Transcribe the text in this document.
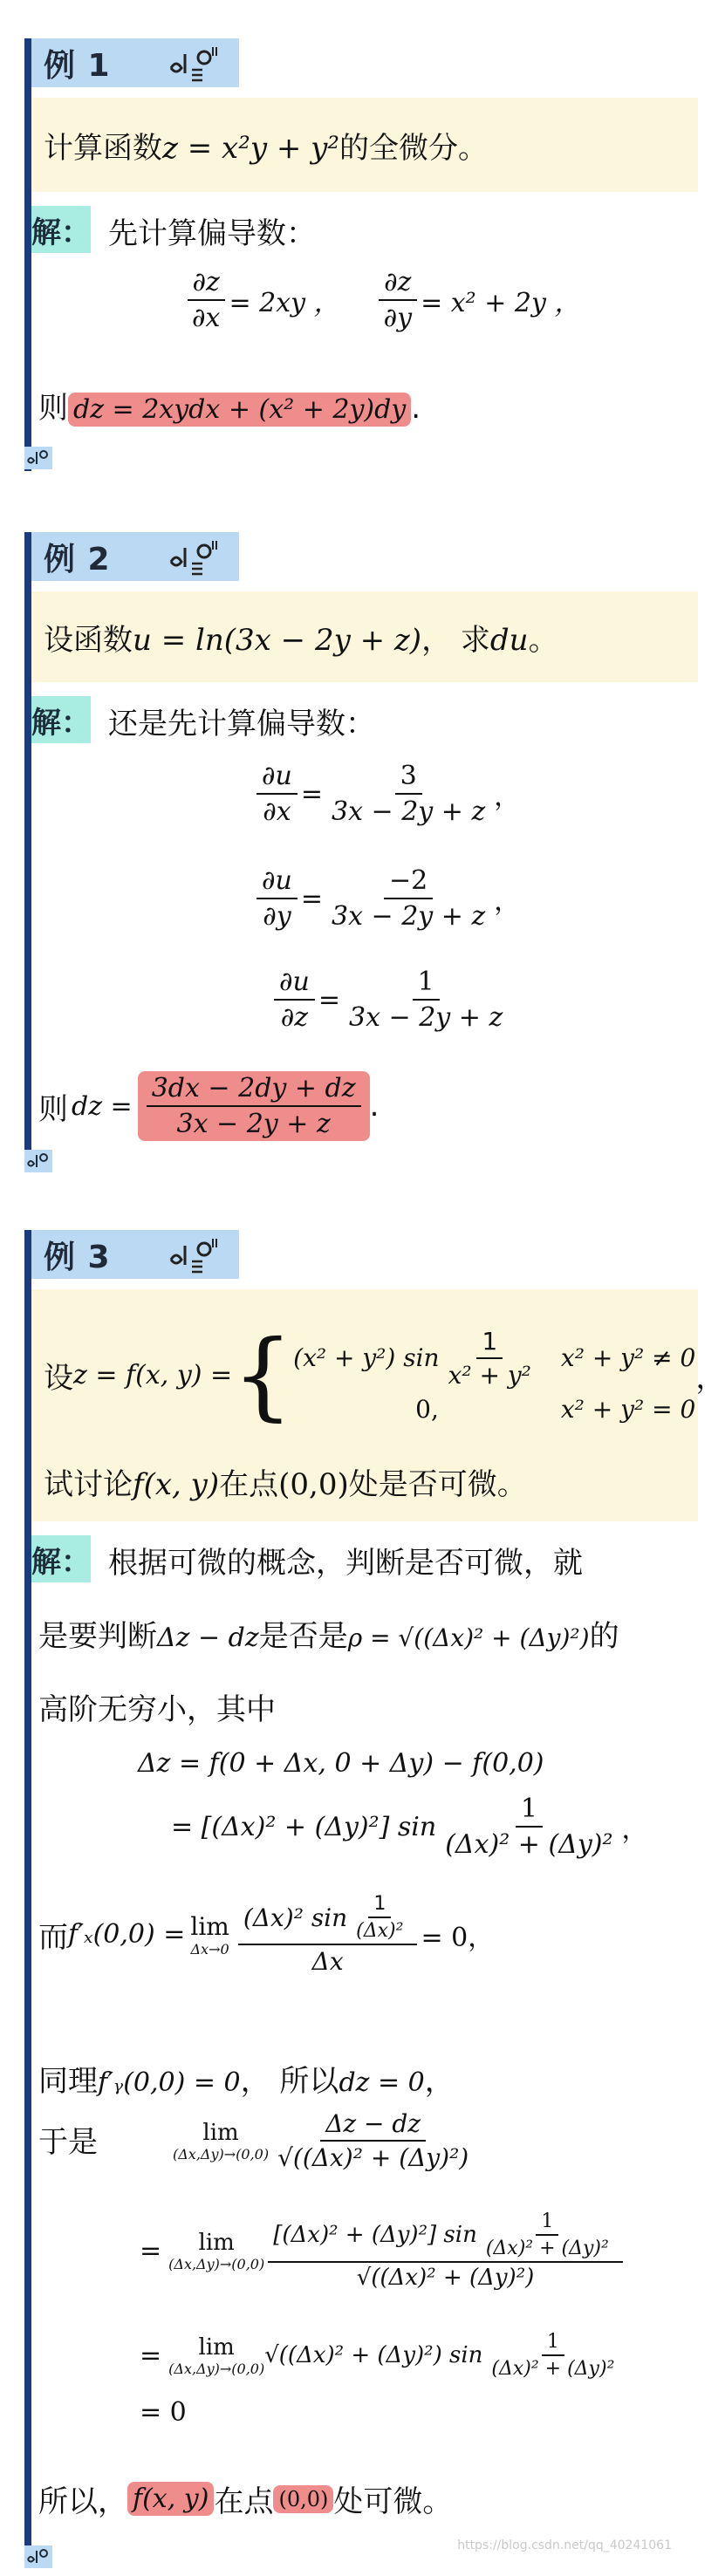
例 1
计算函数z = x²y + y²的全微分。
解： 先计算偏导数：
$\frac{\partial z}{\partial x} = 2xy$ ， $\frac{\partial z}{\partial y} = x^2 + 2y$ ，
则 dz = 2xydx + (x² + 2y)dy .
例 2
设函数u = ln(3x − 2y + z)， 求du。
解： 还是先计算偏导数：
$\frac{\partial u}{\partial x} = \frac{3}{3x - 2y + z}$ ，
$\frac{\partial u}{\partial y} = \frac{-2}{3x - 2y + z}$ ，
$\frac{\partial u}{\partial z} = \frac{1}{3x - 2y + z}$
则 dz = $\frac{3dx - 2dy + dz}{3x - 2y + z}$ .
例 3
设 z = f(x, y) = { (x² + y²) $\sin \frac{1}{\text{x² + y²}} x^2 + y^2 \ne 0$
0,	x² + y² = 0
，
试讨论f(x, y)在点(0,0)处是否可微。
解： 根据可微的概念，判断是否可微，就
是要判断Δz − dz是否是ρ = √((Δx)² + (Δy)²)的
高阶无穷小，其中
Δz = f(0 + Δx, 0 + Δy) − f(0,0)
= [(Δx)² + (Δy)²] $\sin \frac{1}{\text{(Δx)² + (Δy)²}}$ ，
而 f′ₓ(0,0) = lim
$\Delta x\to 0 \frac{(\Delta x)^2 \sin \frac{1}{\text{(Δx)²}}}{\Delta x} = 0$，
同理f′ᵧ(0,0) = 0， 所以dz = 0，
于是	lim
$(\Delta x,\Delta y)\to(0,0) \frac{\Delta z - dz}{\text{√((Δx)² + (Δy)²)}}$
= lim
$(\Delta x,\Delta y)\to(0,0) \frac{[(\Delta x)^2 + (\Delta y)^2] \sin \frac{1}{\text{(Δx)² + (Δy)²}}}{\text{√((Δx)² + (Δy)²)}}$
= lim
(Δx,Δy)→(0,0) √((Δx)² + (Δy)²) $\sin \frac{1}{\text{(Δx)² + (Δy)²}}$
= 0
所以， f(x, y) 在点 (0,0) 处可微。
https://blog.csdn.net/qq_40241061
